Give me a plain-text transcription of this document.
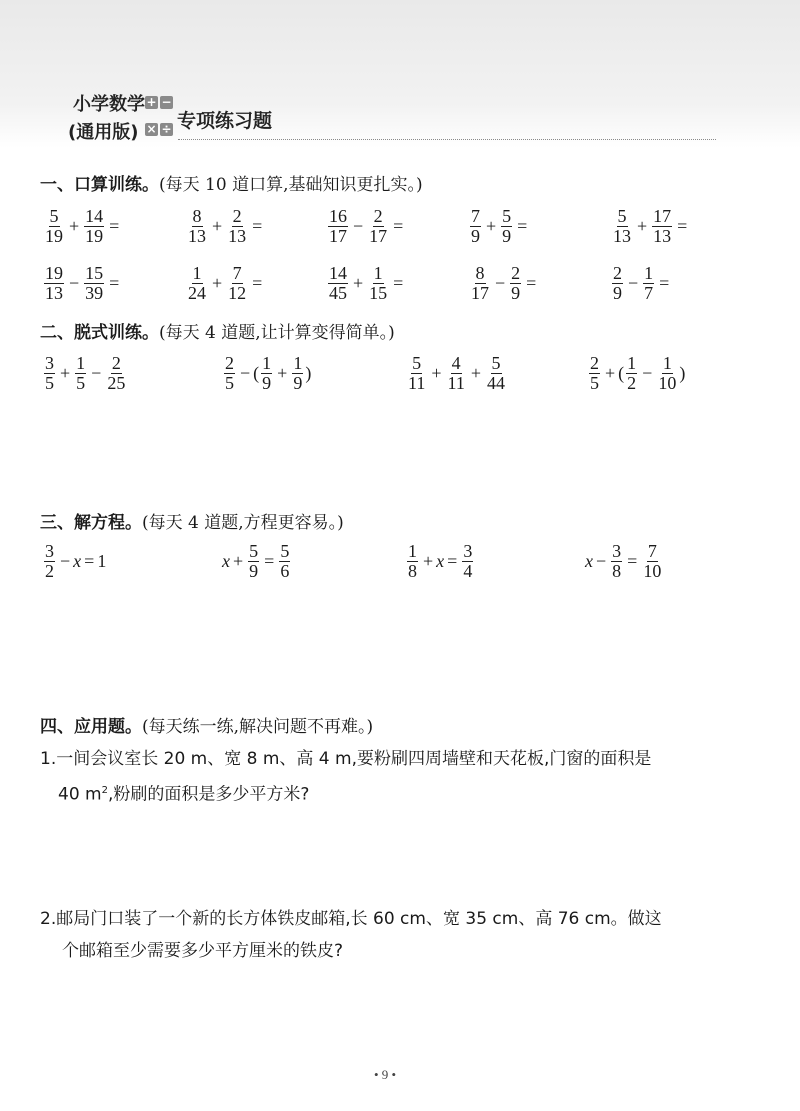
小学数学
(通用版)
+ −
× ÷ 专项练习题
一、口算训练。(每天 10 道口算,基础知识更扎实。)
$\frac{5}{19} + \frac{14}{19}$ =	$\frac{8}{13} + \frac{2}{13}$ =	$\frac{16}{17} - \frac{2}{17}$ =	$\frac{7}{9} + \frac{5}{9}$ =	$\frac{5}{13} + \frac{17}{13}$ =
$\frac{19}{13} - \frac{15}{39}$ =	$\frac{1}{24} + \frac{7}{12}$ =	$\frac{14}{45} + \frac{1}{15}$ =	$\frac{8}{17} - \frac{2}{9}$ =	$\frac{2}{9} - \frac{1}{7}$ =
二、脱式训练。(每天 4 道题,让计算变得简单。)
$\frac{3}{5} + \frac{1}{5} - \frac{2}{25}$	$\frac{2}{5}$ − ( $\frac{1}{9} + \frac{1}{9}$ )	$\frac{5}{11} + \frac{4}{11} + \frac{5}{44}$	$\frac{2}{5}$ + ( $\frac{1}{2} - \frac{1}{10}$ )
三、解方程。(每天 4 道题,方程更容易。)
$\frac{3}{2} - x = 1$	$x + \frac{5}{9} = \frac{5}{6}$	$\frac{1}{8} + x = \frac{3}{4}$	$x - \frac{3}{8} = \frac{7}{10}$
四、应用题。(每天练一练,解决问题不再难。)
1.一间会议室长 20 m、宽 8 m、高 4 m,要粉刷四周墙壁和天花板,门窗的面积是
40 $m^2$,粉刷的面积是多少平方米?
2.邮局门口装了一个新的长方体铁皮邮箱,长 60 cm、宽 35 cm、高 76 cm。做这
个邮箱至少需要多少平方厘米的铁皮?
• 9 •
